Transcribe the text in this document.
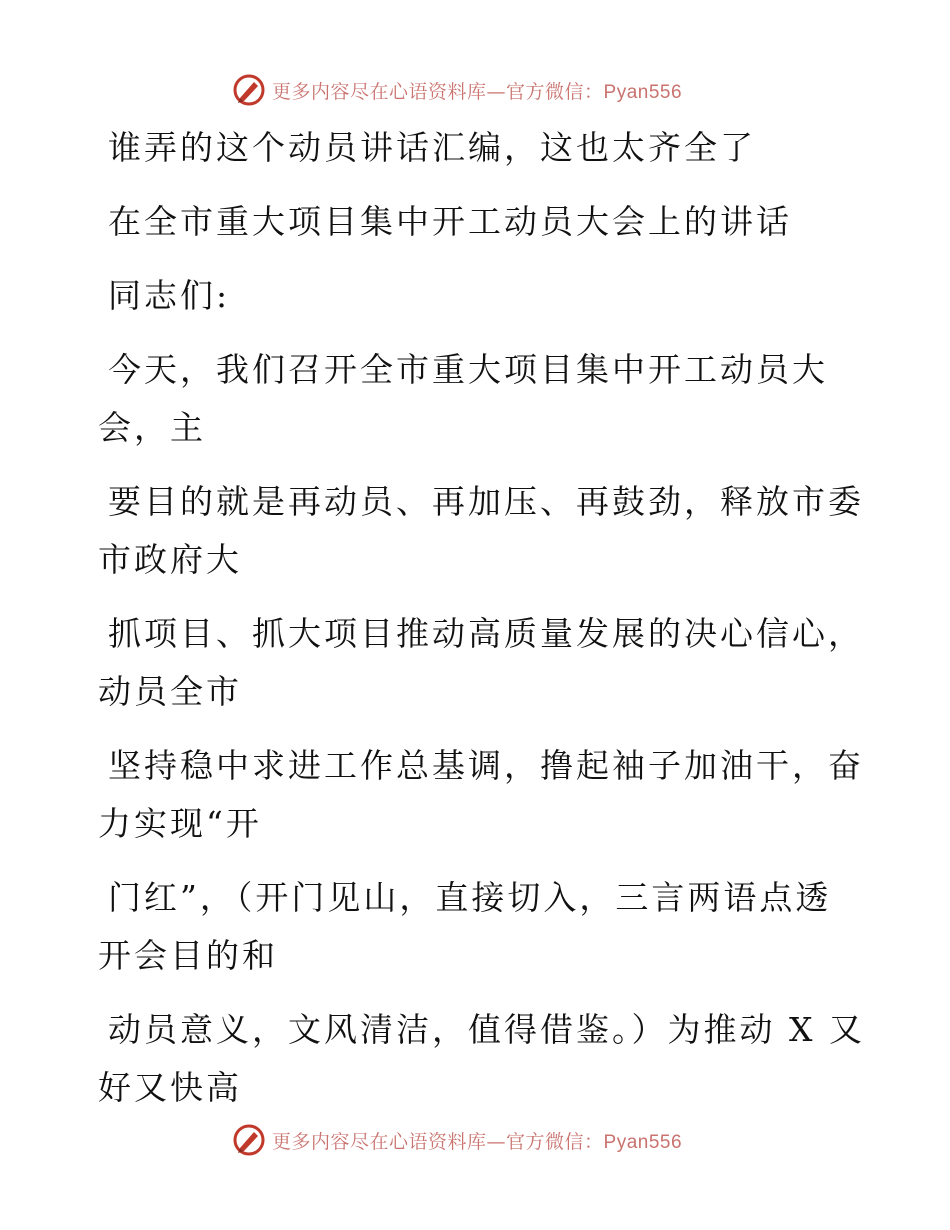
更多内容尽在心语资料库—官方微信：Pyan556
谁弄的这个动员讲话汇编，这也太齐全了
在全市重大项目集中开工动员大会上的讲话
同志们:
今天，我们召开全市重大项目集中开工动员大
会，主
要目的就是再动员、再加压、再鼓劲，释放市委
市政府大
抓项目、抓大项目推动高质量发展的决心信心，
动员全市
坚持稳中求进工作总基调，撸起袖子加油干，奋
力实现“开
门红”，（开门见山，直接切入，三言两语点透
开会目的和
动员意义，文风清洁，值得借鉴。）为推动 X 又
好又快高
更多内容尽在心语资料库—官方微信：Pyan556
